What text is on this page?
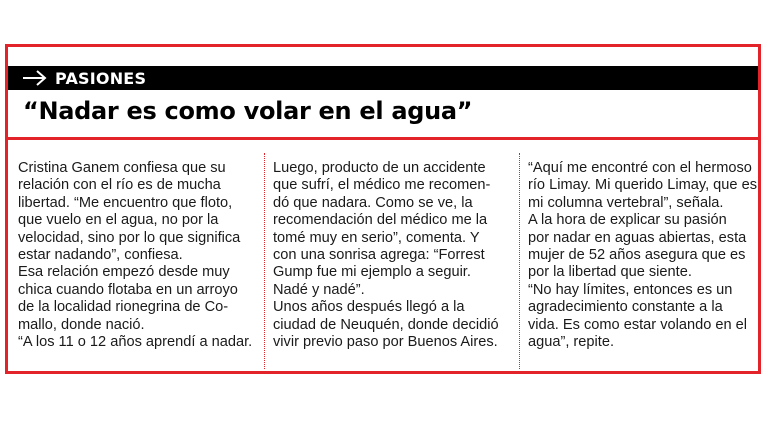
PASIONES
“Nadar es como volar en el agua”

Cristina Ganem confiesa que su
relación con el río es de mucha
libertad. “Me encuentro que floto,
que vuelo en el agua, no por la
velocidad, sino por lo que significa
estar nadando”, confiesa.

Esa relación empezó desde muy
chica cuando flotaba en un arroyo
de la localidad rionegrina de Co-
mallo, donde nació.

“A los 11 o 12 años aprendí a nadar.

Luego, producto de un accidente
que sufrí, el médico me recomen-
dó que nadara. Como se ve, la
recomendación del médico me la
tomé muy en serio”, comenta. Y
con una sonrisa agrega: “Forrest
Gump fue mi ejemplo a seguir.
Nadé y nadé”.

Unos años después llegó a la
ciudad de Neuquén, donde decidió
vivir previo paso por Buenos Aires.

“Aquí me encontré con el hermoso
río Limay. Mi querido Limay, que es
mi columna vertebral”, señala.

A la hora de explicar su pasión
por nadar en aguas abiertas, esta
mujer de 52 años asegura que es
por la libertad que siente.

“No hay límites, entonces es un
agradecimiento constante a la
vida. Es como estar volando en el
agua”, repite.
